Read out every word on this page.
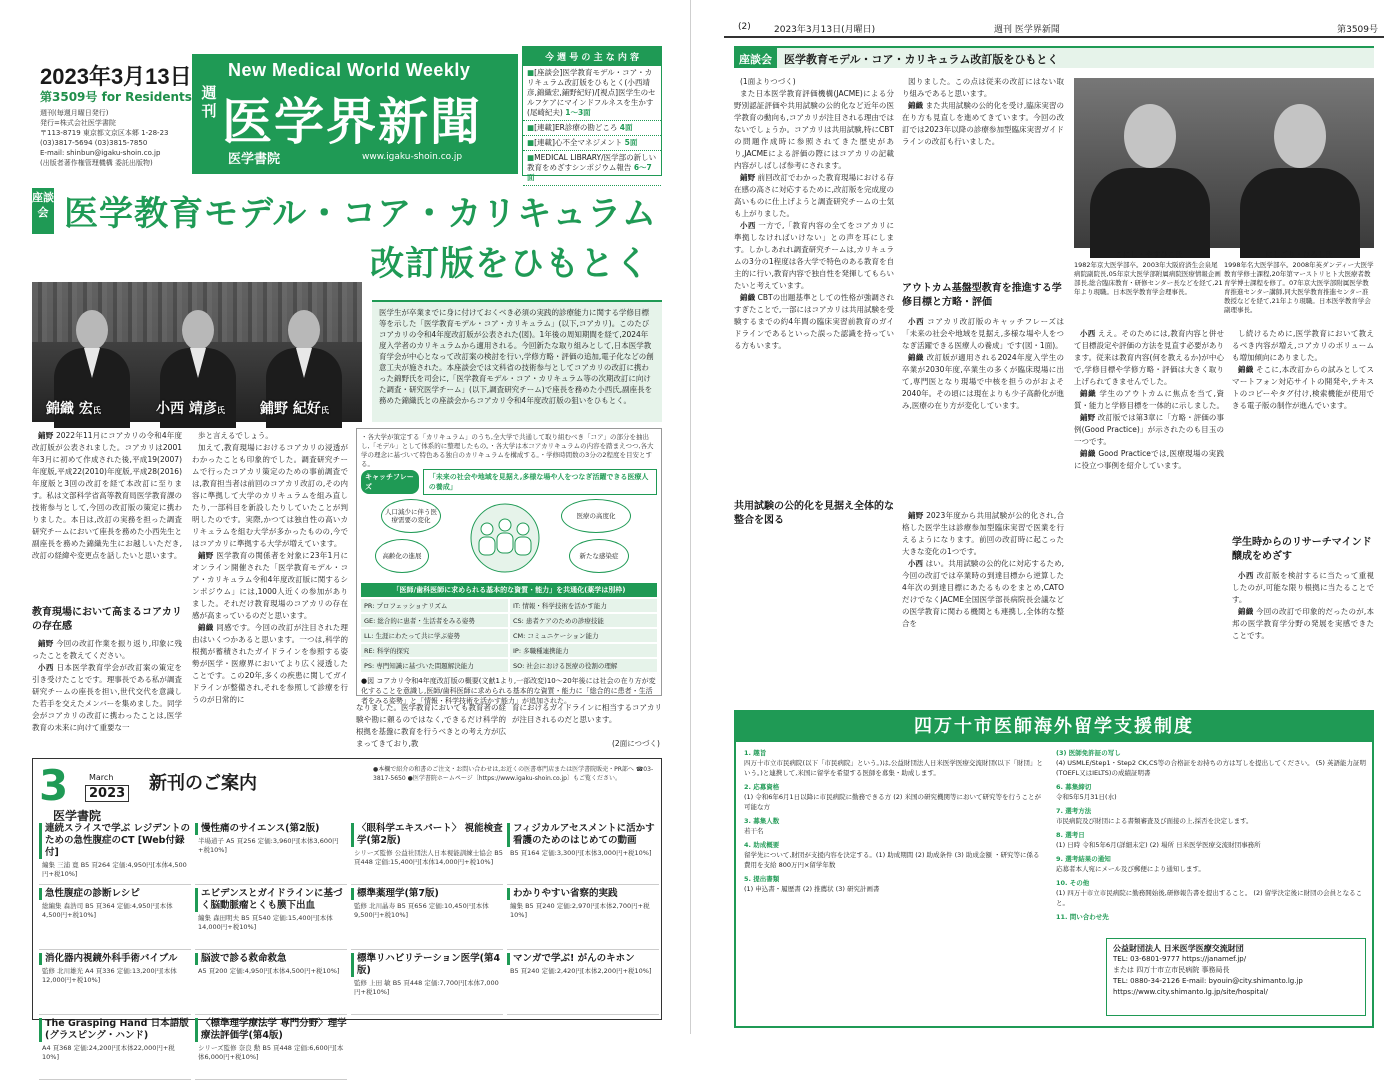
2023年3月13日
第3509号 for Residents
週刊(毎週月曜日発行)
発行=株式会社医学書院
〒113-8719 東京都文京区本郷 1-28-23
(03)3817-5694 (03)3815-7850
E-mail: shinbun@igaku-shoin.co.jp
(出版者著作権管理機構 委託出版物)
New Medical World Weekly
週刊 医学界新聞
医学書院	www.igaku-shoin.co.jp
今 週 号 の 主 な 内 容
■[座談会]医学教育モデル・コア・カリキュラム改訂版をひもとく(小西靖彦,錦織宏,鋪野紀好)/[視点]医学生のセルフケアにマインドフルネスを生かす(尾崎紀夫) 1〜3面
■[連載]ER診療の勘どころ 4面
■[連載]心不全マネジメント 5面
■MEDICAL LIBRARY/医学部の新しい教育をめざすシンポジウム報告 6〜7面
座談会 医学教育モデル・コア・カリキュラム
改訂版をひもとく
錦織 宏氏	小西 靖彦氏	鋪野 紀好氏
医学生が卒業までに身に付けておくべき必須の実践的診療能力に関する学修目標等を示した「医学教育モデル・コア・カリキュラム」(以下,コアカリ)。このたびコアカリの令和4年度改訂版が公表された(図)。1年後の周知期間を経て,2024年度入学者のカリキュラムから適用される。今回新たな取り組みとして,日本医学教育学会が中心となって改訂案の検討を行い,学修方略・評価の追加,電子化などの創意工夫が施された。本座談会では文科省の技術参与としてコアカリの改訂に携わった錦野氏を司会に,「医学教育モデル・コア・カリキュラム等の次期改訂に向けた調査・研究医学チーム」(以下,調査研究チーム)で座長を務めた小西氏,副座長を務めた錦織氏との座談会からコアカリ令和4年度改訂版の狙いをひもとく。

鋪野 2022年11月にコアカリの令和4年度改訂版が公表されました。コアカリは2001年3月に初めて作成された後,平成19(2007)年度版,平成22(2010)年度版,平成28(2016)年度版と3回の改訂を経て本改訂に至ります。私は文部科学省高等教育局医学教育課の技術参与として,今回の改訂版の策定に携わりました。本日は,改訂の実務を担った調査研究チームにおいて座長を務めた小西先生と副座長を務めた錦織先生にお越しいただき,改訂の経緯や変更点を話したいと思います。

教育現場において高まるコアカリの存在感

鋪野 今回の改訂作業を振り返り,印象に残ったことを教えてください。

小西 日本医学教育学会が改訂案の策定を引き受けたことです。理事長である私が調査研究チームの座長を担い,世代交代を意識した若手を交えたメンバーを集めました。同学会がコアカリの改訂に携わったことは,医学教育の未来に向けて重要な一

歩と言えるでしょう。

加えて,教育現場におけるコアカリの浸透がわかったことも印象的でした。調査研究チームで行ったコアカリ策定のための事前調査では,教育担当者は前回のコアカリ改訂の,その内容に準拠して大学のカリキュラムを組み直したり,一部科目を新設したりしていたことが判明したのです。実際,かつては独自性の高いカリキュラムを組む大学が多かったものの,今ではコアカリに準拠する大学が増えています。

鋪野 医学教育の関係者を対象に23年1月にオンライン開催された「医学教育モデル・コア・カリキュラム令和4年度改訂版に関するシンポジウム」には,1000人近くの参加がありました。それだけ教育現場のコアカリの存在感が高まっているのだと思います。

錦織 同感です。今回の改訂が注目された理由はいくつかあると思います。一つは,科学的根拠が蓄積されたガイドラインを参照する姿勢が医学・医療界においてより広く浸透したことです。この20年,多くの疾患に関してガイドラインが整備され,それを参照して診療を行うのが日常的に

・各大学が策定する「カリキュラム」のうち,全大学で共通して取り組むべき「コア」の部分を抽出し,「モデル」として体系的に整理したもの。・各大学は本コアカリキュラムの内容を踏まえつつ,各大学の理念に基づいて特色ある独自のカリキュラムを構成する。・学修時間数の3分の2程度を目安とする。
キャッチフレーズ
「未来の社会や地域を見据え,多様な場や人をつなぎ活躍できる医療人の養成」
人口減少に伴う医療需要の変化
高齢化の進展
医療の高度化
新たな感染症
「医師/歯科医師に求められる基本的な資質・能力」を共通化(薬学は別枠)
PR: プロフェッショナリズム	IT: 情報・科学技術を活かす能力
GE: 総合的に患者・生活者をみる姿勢	CS: 患者ケアのための診療技能
LL: 生涯にわたって共に学ぶ姿勢	CM: コミュニケーション能力
RE: 科学的探究	IP: 多職種連携能力
PS: 専門知識に基づいた問題解決能力	SO: 社会における医療の役割の理解
●図 コアカリ令和4年度改訂版の概要(文献1より,一部改変)10〜20年後には社会の在り方が変化することを意識し,医師/歯科医師に求められる基本的な資質・能力に「総合的に患者・生活者をみる姿勢」と「情報・科学技術を活かす能力」が追加された。
なりました。医学教育においても教育者の経験や勘に頼るのではなく,できるだけ科学的根拠を基盤に教育を行うべきとの考え方が広まってきており,教
育におけるガイドラインに相当するコアカリが注目されるのだと思います。
(2面につづく)
3	March
2023 新刊のご案内
●本欄で紹介の和書のご注文・お問い合わせは,お近くの医書専門店または医学書院販売・PR部へ ☎03-3817-5650 ●医学書院ホームページ〔https://www.igaku-shoin.co.jp〕もご覧ください。
医学書院
連続スライスで学ぶ レジデントのための急性腹症のCT [Web付録付]
編集 三浦 寛 B5 頁264 定価:4,950円[本体4,500円+税10%]
慢性痛のサイエンス(第2版)
半場道子 A5 頁256 定価:3,960円[本体3,600円+税10%]
〈眼科学エキスパート〉 視能検査学(第2版)
シリーズ監修 公益社団法人日本視能訓練士協会 B5 頁448 定価:15,400円[本体14,000円+税10%]
フィジカルアセスメントに活かす 看護のためのはじめての動画
B5 頁164 定価:3,300円[本体3,000円+税10%]
急性腹症の診断レシピ
総編集 森浩司 B5 頁364 定価:4,950円[本体4,500円+税10%]
エビデンスとガイドラインに基づく脳動脈瘤とくも膜下出血
編集 森田明夫 B5 頁540 定価:15,400円[本体14,000円+税10%]
標準薬理学(第7版)
監修 北川晶寿 B5 頁656 定価:10,450円[本体9,500円+税10%]
わかりやすい省察的実践
編集 B5 頁240 定価:2,970円[本体2,700円+税10%]
消化器内視鏡外科手術バイブル
監修 北川雄光 A4 頁336 定価:13,200円[本体12,000円+税10%]
脳波で診る救命救急
A5 頁200 定価:4,950円[本体4,500円+税10%]
標準リハビリテーション医学(第4版)
監修 上田 敏 B5 頁448 定価:7,700円[本体7,000円+税10%]
マンガで学ぶ! がんのキホン
B5 頁240 定価:2,420円[本体2,200円+税10%]
The Grasping Hand 日本語版(グラスピング・ハンド)
A4 頁368 定価:24,200円[本体22,000円+税10%]
〈標準理学療法学 専門分野〉理学療法評価学(第4版)
シリーズ監修 奈良 勲 B5 頁448 定価:6,600円[本体6,000円+税10%]
(2)	2023年3月13日(月曜日)	週刊 医学界新聞	第3509号
座談会	医学教育モデル・コア・カリキュラム改訂版をひもとく

(1面よりつづく)

また日本医学教育評価機構(JACME)による分野別認証評価や共用試験の公的化など近年の医学教育の動向も,コアカリが注目される理由ではないでしょうか。コアカリは共用試験,特にCBTの問題作成時に参照されてきた歴史があり,JACMEによる評価の際にはコアカリの記載内容がしばしば参考にされます。

鋪野 前回改訂でわかった教育現場における存在感の高さに対応するために,改訂版を完成度の高いものに仕上げようと調査研究チームの士気も上がりました。

小西 一方で,「教育内容の全てをコアカリに準拠しなければいけない」との声を耳にします。しかしあれれ調査研究チームは,カリキュラムの3分の1程度は各大学で特色のある教育を自主的に行い,教育内容で独自性を発揮してもらいたいと考えています。

錦織 CBTの出題基準としての性格が強調されすぎたことで,一部にはコアカリは共用試験を受験するまでの約4年間の臨床実習前教育のガイドラインであるといった誤った認識を持っている方もいます。

図りました。この点は従来の改訂にはない取り組みであると思います。

錦織 また共用試験の公的化を受け,臨床実習の在り方も見直しを進めてきています。今回の改訂では2023年以降の診療参加型臨床実習ガイドラインの改訂も行いました。

アウトカム基盤型教育を推進する学修目標と方略・評価

小西 コアカリ改訂版のキャッチフレーズは「未来の社会や地域を見据え,多様な場や人をつなぎ活躍できる医療人の養成」です(図・1面)。

錦織 改訂版が適用される2024年度入学生の卒業が2030年度,卒業生の多くが臨床現場に出て,専門医となり現場で中核を担うのがおよそ2040年。その頃には現在よりも少子高齢化が進み,医療の在り方が変化しています。

共用試験の公的化を見据え全体的な整合を図る	鋪野 2023年度から共用試験が公的化され,合格した医学生は診療参加型臨床実習で医業を行えるようになります。前回の改訂時に起こった大きな変化の1つです。

小西 はい。共用試験の公的化に対応するため,今回の改訂では卒業時の到達目標から逆算した4年次の到達目標にあたるものをまとめ,CATOだけでなくJACME全国医学部長病院長会議などの医学教育に関わる機関とも連携し,全体的な整合を

こにし・やすひこ氏
1982年京大医学部卒。2003年大阪府済生会泉尾病院副院長,05年京大医学部附属病院医療情報企画部長,総合臨床教育・研修センター長などを経て,21年より現職。日本医学教育学会理事長。
にしごり・ひろし氏
1998年名大医学部卒。2008年英ダンディー大医学教育学修士課程,20年第マーストリヒト大医療者教育学博士課程を修了。07年京大医学部附属医学教育推進センター講師,同大医学教育推進センター准教授などを経て,21年より現職。日本医学教育学会副理事長。

小西 ええ。そのためには,教育内容と併せて目標設定や評価の方法を見直す必要があります。従来は教育内容(何を教えるか)が中心で,学修目標や学修方略・評価は大きく取り上げられてきませんでした。

錦織 学生のアウトカムに焦点を当て,資質・能力と学修目標を一体的に示しました。

鋪野 改訂版では第3章に「方略・評価の事例(Good Practice)」が示されたのも目玉の一つです。

錦織 Good Practiceでは,医療現場の実践に役立つ事例を紹介しています。

し続けるために,医学教育において教えるべき内容が増え,コアカリのボリュームも増加傾向にありました。

錦織 そこに,本改訂からの試みとしてスマートフォン対応サイトの開発や,テキストのコピーやタグ付け,検索機能が使用できる電子版の制作が進んでいます。

学生時からのリサーチマインド醸成をめざす

小西 改訂版を検討するに当たって重視したのが,可能な限り根拠に当たることです。

錦織 今回の改訂で印象的だったのが,本邦の医学教育学分野の発展を実感できたことです。

四万十市医師海外留学支援制度
1. 趣旨
四万十市立市民病院(以下「市民病院」という。)は,公益財団法人日米医学医療交流財団(以下「財団」という。)と連携して,米国に留学を希望する医師を募集・助成します。
2. 応募資格
(1) 令和6年6月1日以降に市民病院に勤務できる方 (2) 米国の研究機関等において研究等を行うことが可能な方
3. 募集人数
若干名
4. 助成概要
留学先について,財団が支援内容を決定する。(1) 助成期間 (2) 助成条件 (3) 助成金額 ・研究等に係る費用を支給 800万円×留学年数
5. 提出書類
(1) 申込書・履歴書 (2) 推薦状 (3) 研究計画書
(3) 医師免許証の写し
(4) USMLE/Step1・Step2 CK,CS等の合格証をお持ちの方は写しを提出してください。 (5) 英語能力証明(TOEFL又はIELTS)の成績証明書
6. 募集締切
令和5年5月31日(水)
7. 選考方法
市民病院及び財団による書類審査及び面接の上,採否を決定します。
8. 選考日
(1) 日時 令和5年6月(詳細未定) (2) 場所 日米医学医療交流財団事務所
9. 選考結果の通知
応募者本人宛にメール及び郵便により通知します。
10. その他
(1) 四万十市立市民病院に勤務開始後,研修報告書を提出すること。 (2) 留学決定後に財団の会員となること。
11. 問い合わせ先
公益財団法人 日米医学医療交流財団
TEL: 03-6801-9777 https://janamef.jp/
または 四万十市立市民病院 事務局長
TEL: 0880-34-2126 E-mail: byouin@city.shimanto.lg.jp
https://www.city.shimanto.lg.jp/site/hospital/
